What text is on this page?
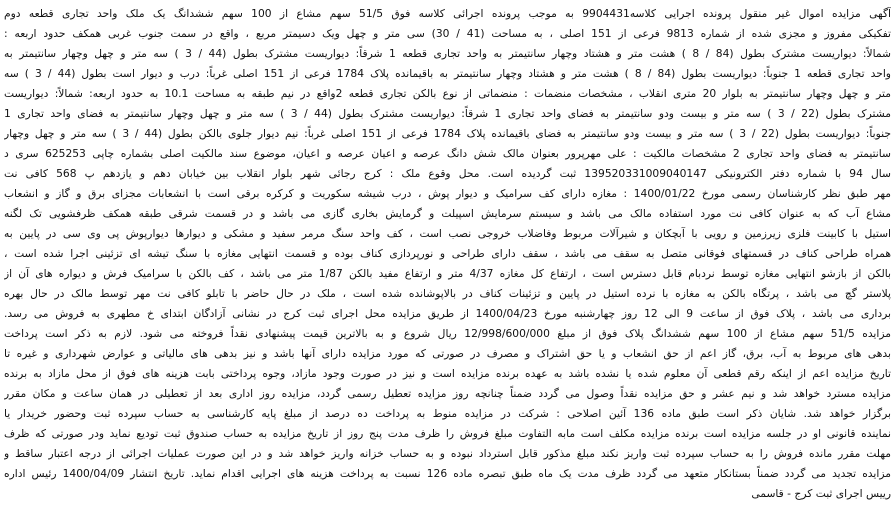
آگهی مزایده اموال غیر منقول پرونده اجرایی کلاسه9904431 به موجب پرونده اجرائی کلاسه فوق 51/5 سهم مشاع از 100 سهم ششدانگ یک ملک واحد تجاری قطعه دوم
تفکیکی مفروز و مجزی شده از شماره 9813 فرعی از 151 اصلی ، به مساحت (41 / 30) سی متر و چهل ویک دسیمتر مربع ، واقع در سمت جنوب غربی همکف حدود اربعه :
شمالاً: دیواریست مشترک بطول (84 / 8 ) هشت متر و هشتاد وچهار سانتیمتر به واحد تجاری قطعه 1 شرقاً: دیواریست مشترک بطول (44 / 3 ) سه متر و چهل وچهار سانتیمتر به
واحد تجاری قطعه 1 جنوباً: دیواریست بطول (84 / 8 ) هشت متر و هشتاد وچهار سانتیمتر به باقیمانده پلاک 1784 فرعی از 151 اصلی غرباً: درب و دیوار است بطول (44 / 3 ) سه
متر و چهل وچهار سانتیمتر به بلوار 20 متری انقلاب ، مشخصات منضمات : منضماتی از نوع بالکن تجاری قطعه 2واقع در نیم طبقه به مساحت 10.1 به حدود اربعه: شمالاً: دیواریست
مشترک بطول (22 / 3 ) سه متر و بیست ودو سانتیمتر به فضای واحد تجاری 1 شرقاً: دیواریست مشترک بطول (44 / 3 ) سه متر و چهل وچهار سانتیمتر به فضای واحد تجاری 1
جنوباً: دیواریست بطول (22 / 3 ) سه متر و بیست ودو سانتیمتر به فضای باقیمانده پلاک 1784 فرعی از 151 اصلی غرباً: نیم دیوار جلوی بالکن بطول (44 / 3 ) سه متر و چهل وچهار
سانتیمتر به فضای واحد تجاری 2 مشخصات مالکیت : علی مهرپرور بعنوان مالک شش دانگ عرصه و اعیان عرصه و اعیان، موضوع سند مالکیت اصلی بشماره چاپی 625253 سری د
سال 94 با شماره دفتر الکترونیکی 139520331009040147 ثبت گردیده است. محل وقوع ملک : کرج رجائی شهر بلوار انقلاب بین خیابان دهم و یازدهم پ 568 کافی نت
مهر طبق نظر کارشناسان رسمی مورخ 1400/01/22 : مغازه دارای کف سرامیک و دیوار پوش ، درب شیشه سکوریت و کرکره برقی است با انشعابات مجزای برق و گاز و انشعاب
مشاع آب که به عنوان کافی نت مورد استفاده مالک می باشد و سیستم سرمایش اسپیلت و گرمایش بخاری گازی می باشد و در قسمت شرقی طبقه همکف ظرفشویی تک لگنه
استیل با کابینت فلزی زیرزمین و رویی با آبچکان و شیرآلات مربوط وفاضلاب خروجی نصب است ، کف واحد سنگ مرمر سفید و مشکی و دیوارها دیوارپوش پی وی سی در پایین به
همراه طراحی کناف در قسمتهای فوقانی متصل به سقف می باشد ، سقف دارای طراحی و نورپردازی کناف بوده و قسمت انتهایی مغازه با سنگ تیشه ای تزئینی اجرا شده است ،
بالکن از بازشو انتهایی مغازه توسط نردبام قابل دسترس است ، ارتفاع کل مغازه 4/37 متر و ارتفاع مفید بالکن 1/87 متر می باشد ، کف بالکن با سرامیک فرش و دیواره های آن از
پلاستر گچ می باشد ، پرتگاه بالکن به مغازه با نرده استیل در پایین و تزئینات کناف در بالاپوشانده شده است ، ملک در حال حاضر با تابلو کافی نت مهر توسط مالک در حال بهره
برداری می باشد ، پلاک فوق از ساعت 9 الی 12 روز چهارشنبه مورخ 1400/04/23 از طریق مزایده محل اجرای ثبت کرج در نشانی آزادگان ابتدای خ مطهری به فروش می رسد.
مزایده 51/5 سهم مشاع از 100 سهم ششدانگ پلاک فوق از مبلغ 12/998/600/000 ریال شروع و به بالاترین قیمت پیشنهادی نقداً فروخته می شود. لازم به ذکر است پرداخت
بدهی های مربوط به آب، برق، گاز اعم از حق انشعاب و یا حق اشتراک و مصرف در صورتی که مورد مزایده دارای آنها باشد و نیز بدهی های مالیاتی و عوارض شهرداری و غیره تا
تاریخ مزایده اعم از اینکه رقم قطعی آن معلوم شده یا نشده باشد به عهده برنده مزایده است و نیز در صورت وجود مازاد، وجوه پرداختی بابت هزینه های فوق از محل مازاد به برنده
مزایده مسترد خواهد شد و نیم عشر و حق مزایده نقداً وصول می گردد ضمناً چنانچه روز مزایده تعطیل رسمی گردد، مزایده روز اداری بعد از تعطیلی در همان ساعت و مکان مقرر
برگزار خواهد شد. شایان ذکر است طبق ماده 136 آئین اصلاحی : شرکت در مزایده منوط به پرداخت ده درصد از مبلغ پایه کارشناسی به حساب سپرده ثبت وحضور خریدار یا
نماینده قانونی او در جلسه مزایده است برنده مزایده مکلف است مابه التفاوت مبلغ فروش را ظرف مدت پنج روز از تاریخ مزایده به حساب صندوق ثبت تودیع نماید ودر صورتی که ظرف
مهلت مقرر مانده فروش را به حساب سپرده ثبت واریز نکند مبلغ مذکور قابل استرداد نبوده و به حساب خزانه واریز خواهد شد و در این صورت عملیات اجرائی از درجه اعتبار ساقط و
مزایده تجدید می گردد ضمناً بستانکار متعهد می گردد ظرف مدت یک ماه طبق تبصره ماده 126 نسبت به پرداخت هزینه های اجرایی اقدام نماید. تاریخ انتشار 1400/04/09 رئیس اداره
رییس اجرای ثبت کرج - قاسمی
